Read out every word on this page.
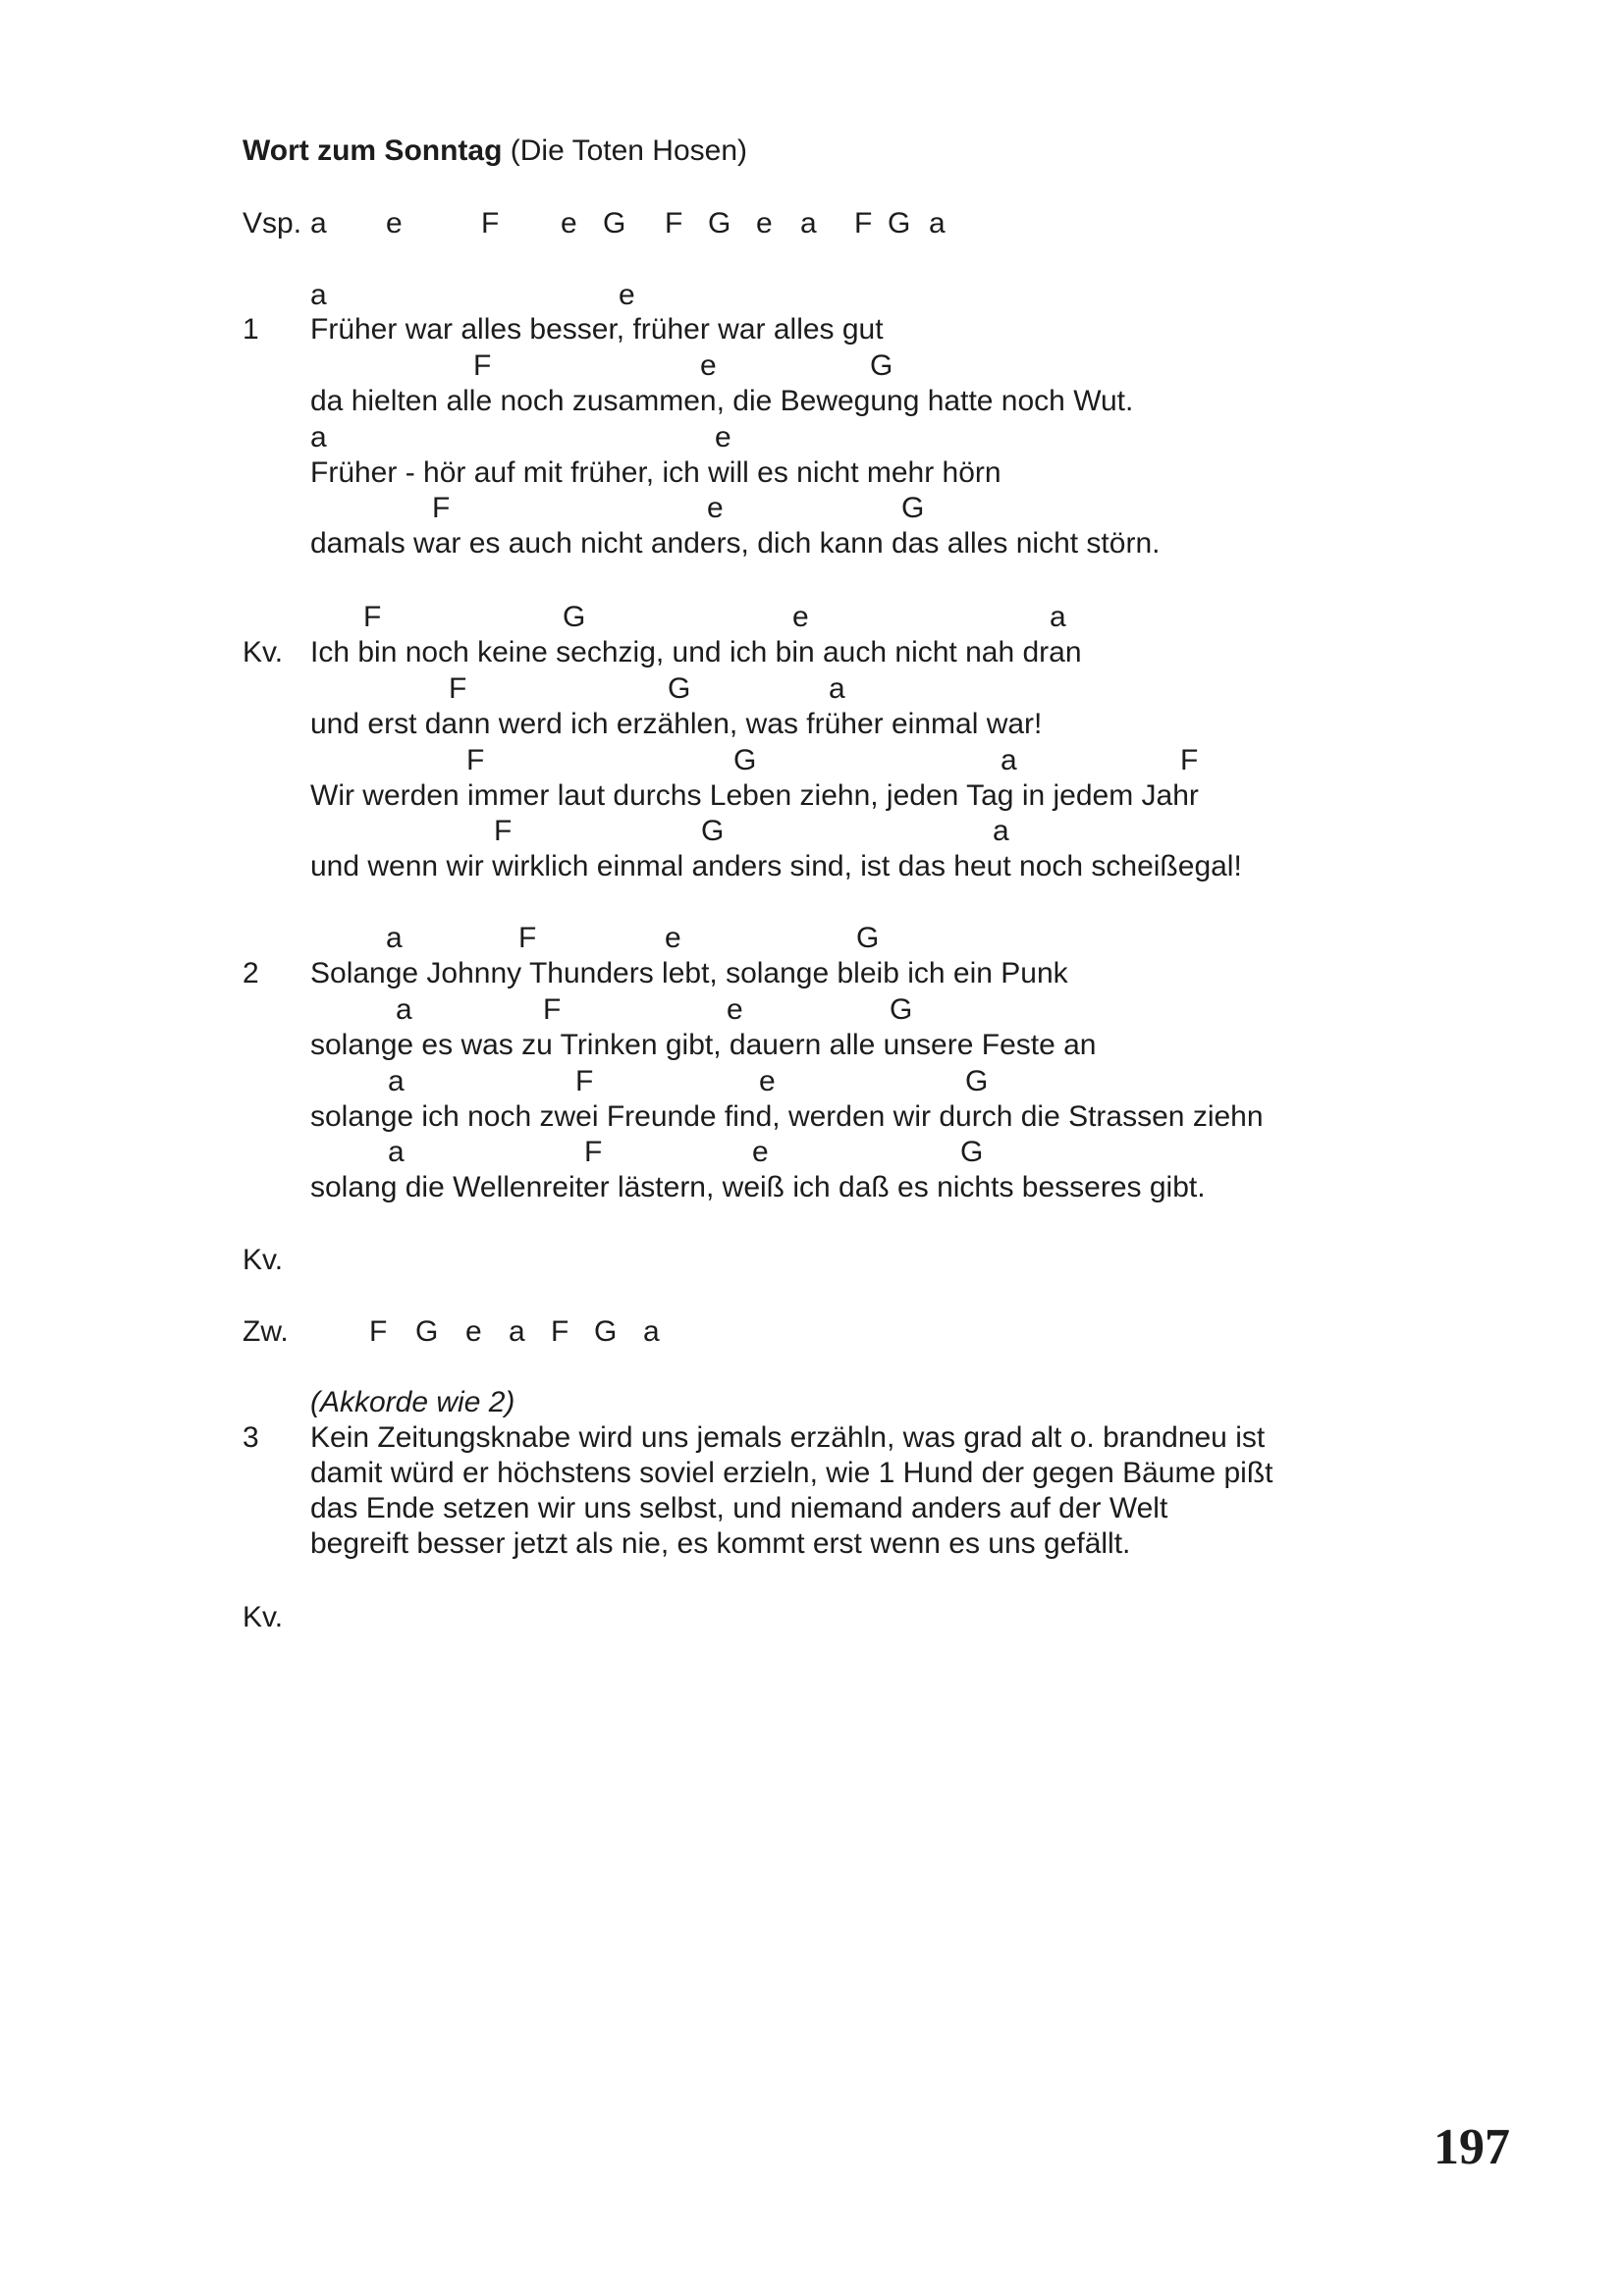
Wort zum Sonntag (Die Toten Hosen)
Vsp. a e	F e G F G e a F G a
a	e
1 Früher war alles besser, früher war alles gut
F	e	G
da hielten alle noch zusammen, die Bewegung hatte noch Wut.
a	e
Früher - hör auf mit früher, ich will es nicht mehr hörn
F	e	G
damals war es auch nicht anders, dich kann das alles nicht störn.
F	G	e	a
Kv. Ich bin noch keine sechzig, und ich bin auch nicht nah dran
F	G	a
und erst dann werd ich erzählen, was früher einmal war!
F	G	a	F
Wir werden immer laut durchs Leben ziehn, jeden Tag in jedem Jahr
F	G	a
und wenn wir wirklich einmal anders sind, ist das heut noch scheißegal!
a	F	e	G
2 Solange Johnny Thunders lebt, solange bleib ich ein Punk
a	F	e	G
solange es was zu Trinken gibt, dauern alle unsere Feste an
a	F	e	G
solange ich noch zwei Freunde find, werden wir durch die Strassen ziehn
a	F	e	G
solang die Wellenreiter lästern, weiß ich daß es nichts besseres gibt.
Kv.
Zw.	F G e a F G a
(Akkorde wie 2)
3 Kein Zeitungsknabe wird uns jemals erzähln, was grad alt o. brandneu ist
damit würd er höchstens soviel erzieln, wie 1 Hund der gegen Bäume pißt
das Ende setzen wir uns selbst, und niemand anders auf der Welt
begreift besser jetzt als nie, es kommt erst wenn es uns gefällt.
Kv.
197
